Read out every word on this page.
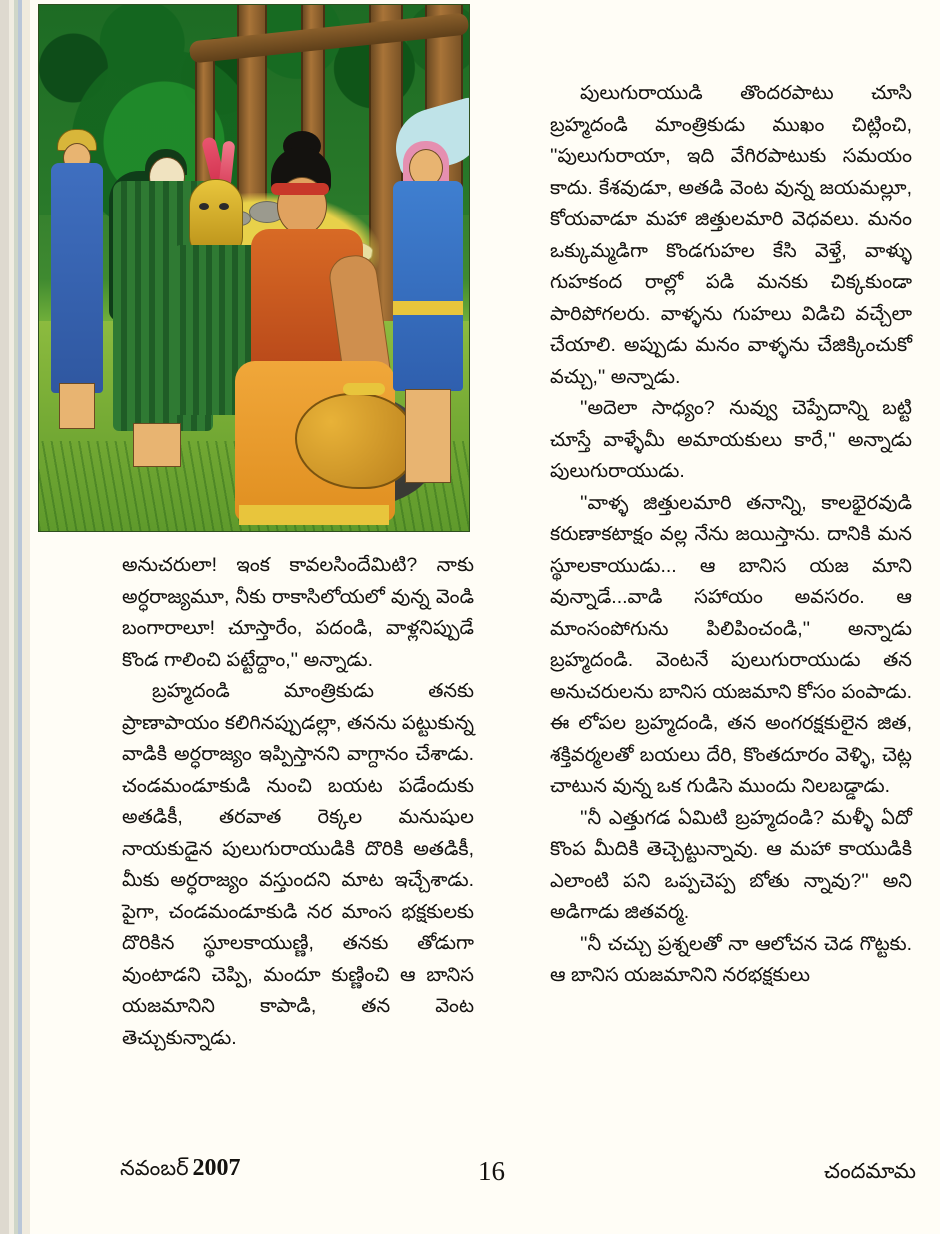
అనుచరులా! ఇంక కావలసిందేమిటి? నాకు అర్ధరాజ్యమూ, నీకు రాకాసిలోయలో వున్న వెండి బంగారాలూ! చూస్తారేం, పదండి, వాళ్లనిప్పుడే కొండ గాలించి పట్టేద్దాం,'' అన్నాడు.

బ్రహ్మదండి మాంత్రికుడు తనకు ప్రాణాపాయం కలిగినప్పుడల్లా, తనను పట్టుకున్న వాడికి అర్ధరాజ్యం ఇప్పిస్తానని వాగ్దానం చేశాడు. చండమండూకుడి నుంచి బయట పడేందుకు అతడికీ, తరవాత రెక్కల మనుషుల నాయకుడైన పులుగురాయుడికి దొరికి అతడికీ, మీకు అర్ధరాజ్యం వస్తుందని మాట ఇచ్చేశాడు. పైగా, చండమండూకుడి నర మాంస భక్షకులకు దొరికిన స్థూలకాయుణ్ణి, తనకు తోడుగా వుంటాడని చెప్పి, మందూ కుణ్ణించి ఆ బానిస యజమానిని కాపాడి, తన వెంట తెచ్చుకున్నాడు.

పులుగురాయుడి తొందరపాటు చూసి బ్రహ్మదండి మాంత్రికుడు ముఖం చిట్లించి, ''పులుగురాయా, ఇది వేగిరపాటుకు సమయం కాదు. కేశవుడూ, అతడి వెంట వున్న జయమల్లూ, కోయవాడూ మహా జిత్తులమారి వెధవలు. మనం ఒక్కుమ్మడిగా కొండగుహల కేసి వెళ్తే, వాళ్ళు గుహకంద రాల్లో పడి మనకు చిక్కకుండా పారిపోగలరు. వాళ్ళను గుహలు విడిచి వచ్చేలా చేయాలి. అప్పుడు మనం వాళ్ళను చేజిక్కించుకో వచ్చు,'' అన్నాడు.

''అదెలా సాధ్యం? నువ్వు చెప్పేదాన్ని బట్టి చూస్తే వాళ్ళేమీ అమాయకులు కారే,'' అన్నాడు పులుగురాయుడు.

''వాళ్ళ జిత్తులమారి తనాన్ని, కాలభైరవుడి కరుణాకటాక్షం వల్ల నేను జయిస్తాను. దానికి మన స్థూలకాయుడు... ఆ బానిస యజ మాని వున్నాడే...వాడి సహాయం అవసరం. ఆ మాంసంపోగును పిలిపించండి,'' అన్నాడు బ్రహ్మదండి. వెంటనే పులుగురాయుడు తన అనుచరులను బానిస యజమాని కోసం పంపాడు. ఈ లోపల బ్రహ్మదండి, తన అంగరక్షకులైన జిత, శక్తివర్మలతో బయలు దేరి, కొంతదూరం వెళ్ళి, చెట్ల చాటున వున్న ఒక గుడిసె ముందు నిలబడ్డాడు.

''నీ ఎత్తుగడ ఏమిటి బ్రహ్మదండి? మళ్ళీ ఏదో కొంప మీదికి తెచ్చెట్టున్నావు. ఆ మహా కాయుడికి ఎలాంటి పని ఒప్పచెప్ప బోతు న్నావు?'' అని అడిగాడు జితవర్మ.

''నీ చచ్చు ప్రశ్నలతో నా ఆలోచన చెడ గొట్టకు. ఆ బానిస యజమానిని నరభక్షకులు

నవంబర్ 2007	16	చందమామ
